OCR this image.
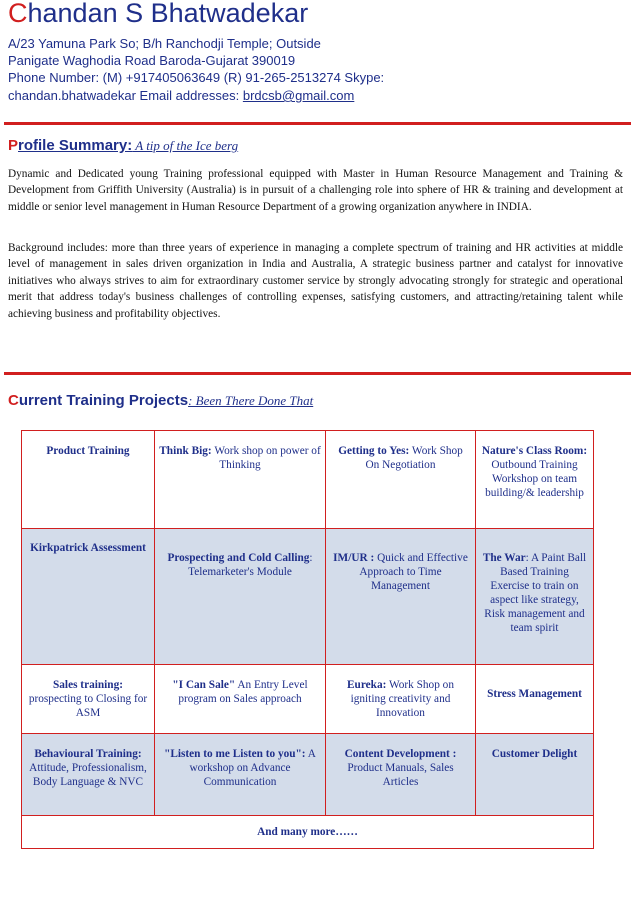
Chandan S Bhatwadekar
A/23 Yamuna Park So; B/h Ranchodji Temple; Outside
Panigate Waghodia Road Baroda-Gujarat 390019
Phone Number: (M) +917405063649 (R) 91-265-2513274 Skype:
chandan.bhatwadekar Email addresses: brdcsb@gmail.com
Profile Summary: A tip of the Ice berg
Dynamic and Dedicated young Training professional equipped with Master in Human Resource Management and Training & Development from Griffith University (Australia) is in pursuit of a challenging role into sphere of HR & training and development at middle or senior level management in Human Resource Department of a growing organization anywhere in INDIA.
Background includes: more than three years of experience in managing a complete spectrum of training and HR activities at middle level of management in sales driven organization in India and Australia, A strategic business partner and catalyst for innovative initiatives who always strives to aim for extraordinary customer service by strongly advocating strongly for strategic and operational merit that address today's business challenges of controlling expenses, satisfying customers, and attracting/retaining talent while achieving business and profitability objectives.
Current Training Projects: Been There Done That
Product Training	Think Big: Work shop on power of Thinking	Getting to Yes: Work Shop On Negotiation	Nature's Class Room: Outbound Training Workshop on team building/& leadership
Kirkpatrick Assessment	Prospecting and Cold Calling: Telemarketer's Module	IM/UR : Quick and Effective Approach to Time Management	The War: A Paint Ball Based Training Exercise to train on aspect like strategy, Risk management and team spirit
Sales training: prospecting to Closing for ASM	"I Can Sale" An Entry Level program on Sales approach	Eureka: Work Shop on igniting creativity and Innovation	Stress Management
Behavioural Training: Attitude, Professionalism, Body Language & NVC	"Listen to me Listen to you": A workshop on Advance Communication	Content Development : Product Manuals, Sales Articles	Customer Delight
And many more……			
